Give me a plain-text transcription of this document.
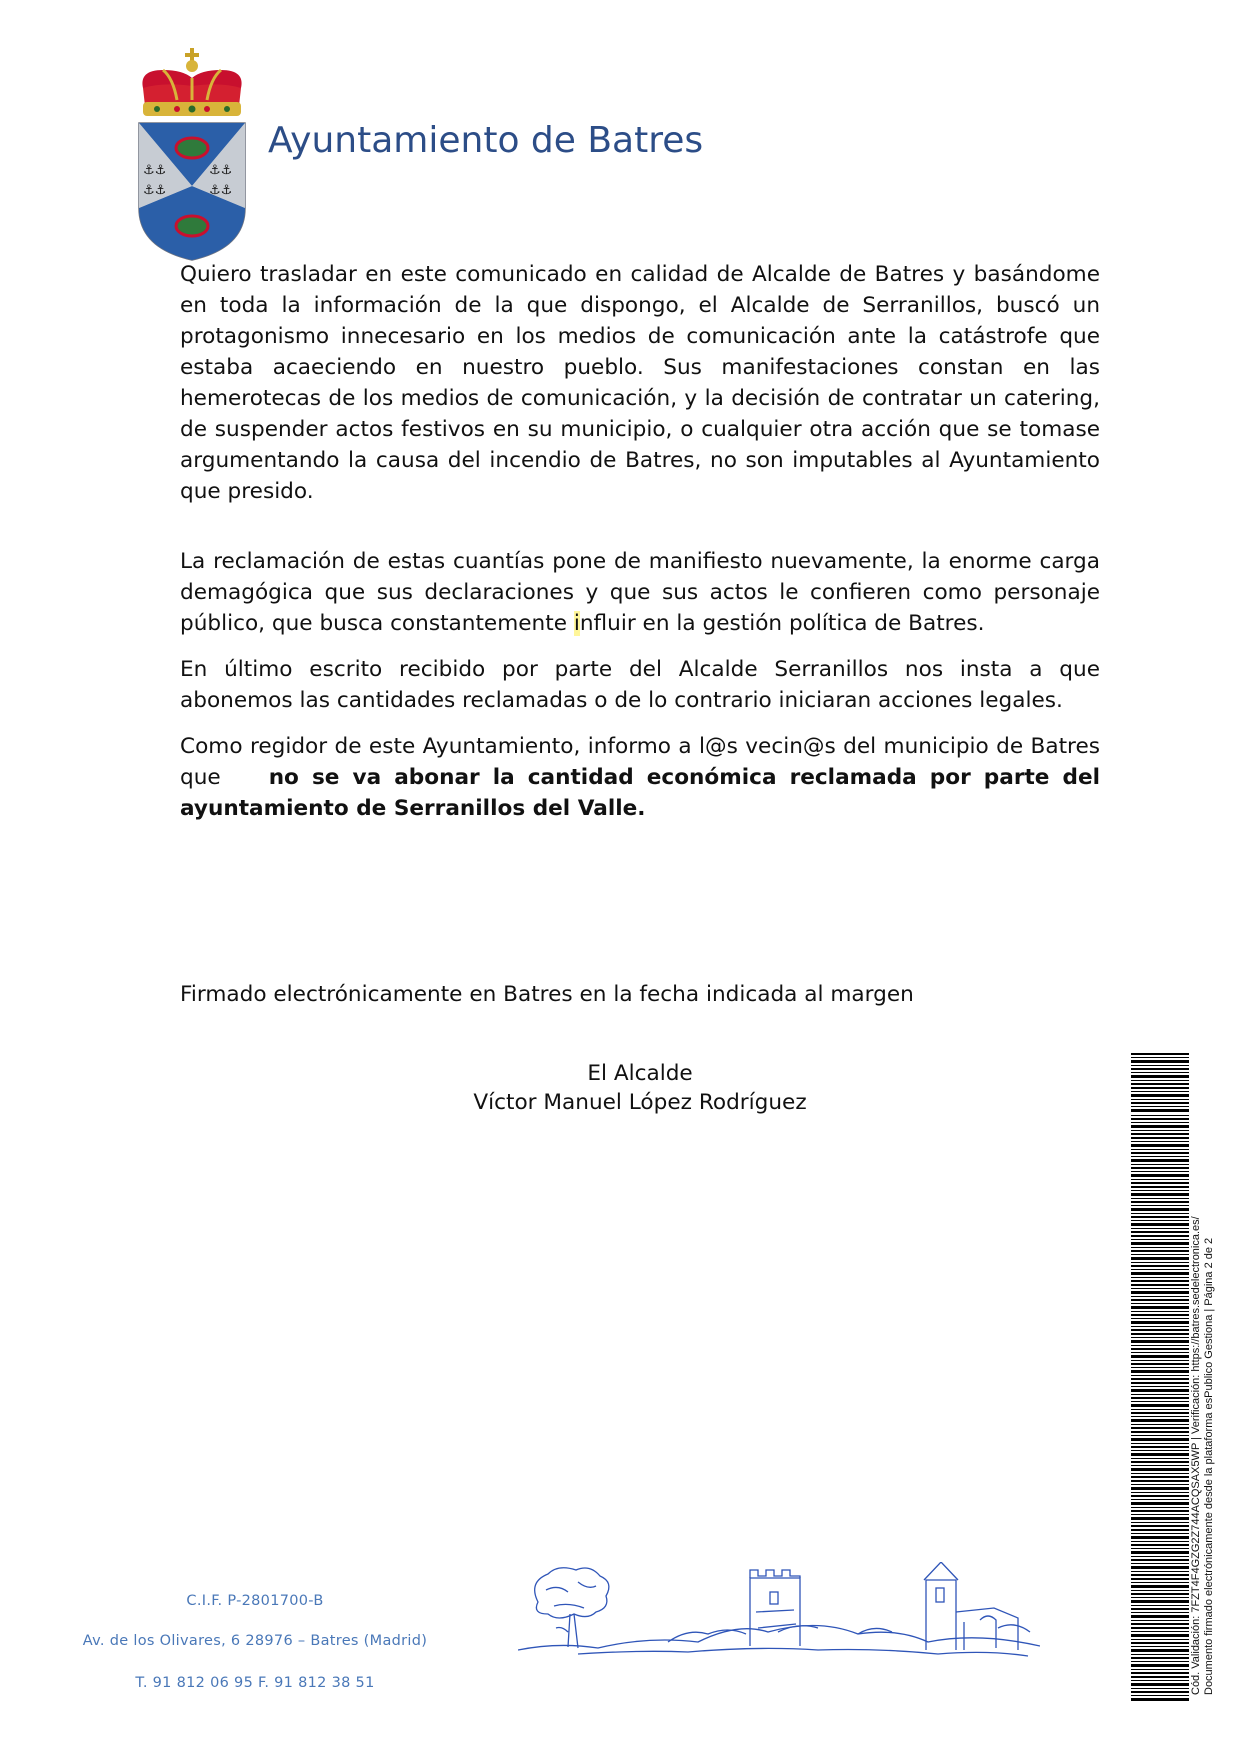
⚓⚓
⚓⚓
⚓⚓
⚓⚓
Ayuntamiento de Batres

Quiero trasladar en este comunicado en calidad de Alcalde de Batres y basándome en toda la información de la que dispongo, el Alcalde de Serranillos, buscó un protagonismo innecesario en los medios de comunicación ante la catástrofe que estaba acaeciendo en nuestro pueblo. Sus manifestaciones constan en las hemerotecas de los medios de comunicación, y la decisión de contratar un catering, de suspender actos festivos en su municipio, o cualquier otra acción que se tomase argumentando la causa del incendio de Batres, no son imputables al Ayuntamiento que presido.

La reclamación de estas cuantías pone de manifiesto nuevamente, la enorme carga demagógica que sus declaraciones y que sus actos le confieren como personaje público, que busca constantemente influir en la gestión política de Batres.

En último escrito recibido por parte del Alcalde Serranillos nos insta a que abonemos las cantidades reclamadas o de lo contrario iniciaran acciones legales.

Como regidor de este Ayuntamiento, informo a l@s vecin@s del municipio de Batres que no se va abonar la cantidad económica reclamada por parte del ayuntamiento de Serranillos del Valle.

Firmado electrónicamente en Batres en la fecha indicada al margen
El Alcalde
Víctor Manuel López Rodríguez
C.I.F. P-2801700-B
Av. de los Olivares, 6 28976 – Batres (Madrid)
T. 91 812 06 95 F. 91 812 38 51	Cód. Validación: 7FZT4F4GZG2Z744ACQSAX5WP | Verificación: https://batres.sedelectronica.es/ Documento firmado electrónicamente desde la plataforma esPublico Gestiona | Página 2 de 2
